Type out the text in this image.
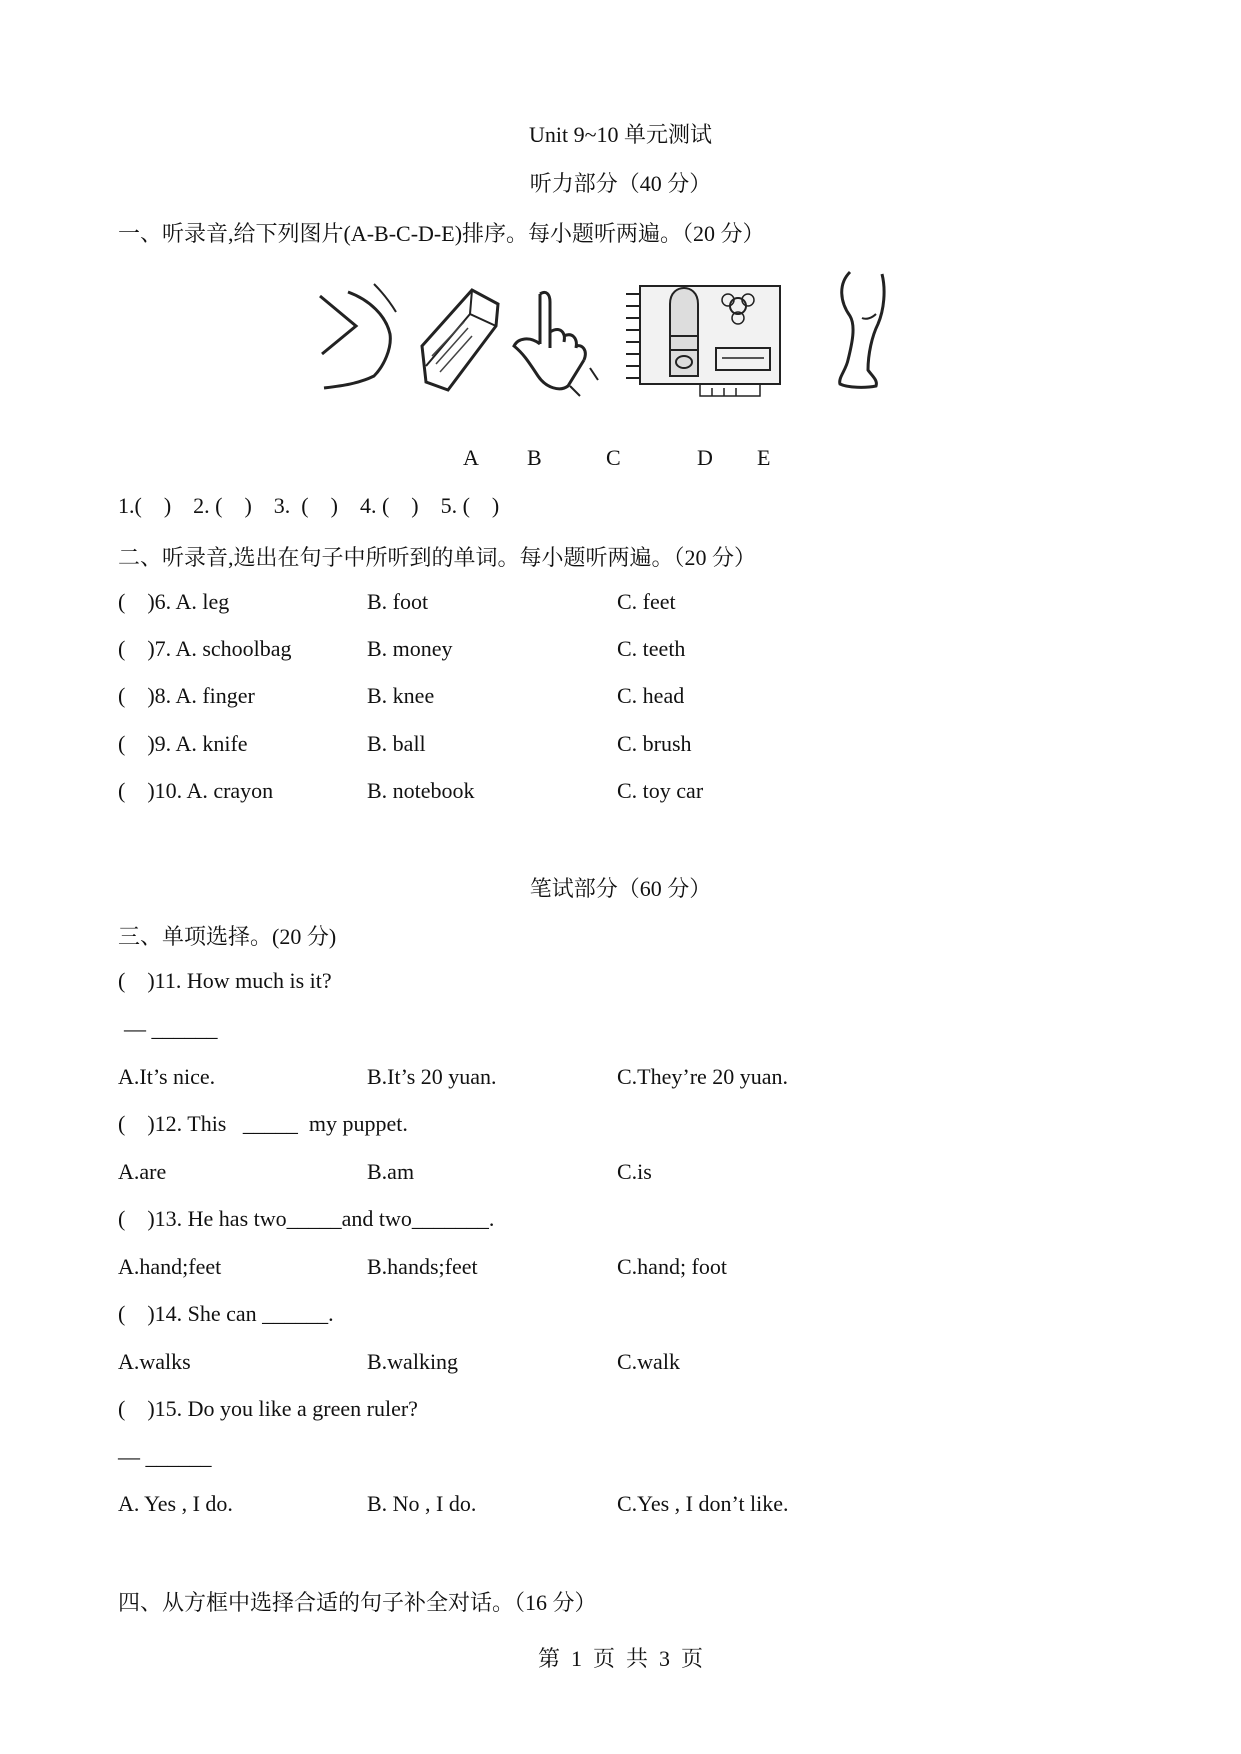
Unit 9~10 单元测试
听力部分（40 分）
一、听录音,给下列图片(A-B-C-D-E)排序。每小题听两遍。（20 分）
A B	C	D E
1.(    )    2. (    )    3.  (    )    4. (    )    5. (    )
二、听录音,选出在句子中所听到的单词。每小题听两遍。（20 分）
(    )6. A. leg	B. foot	C. feet
(    )7. A. schoolbag	B. money	C. teeth
(    )8. A. finger	B. knee	C. head
(    )9. A. knife	B. ball	C. brush
(    )10. A. crayon	B. notebook	C. toy car
笔试部分（60 分）
三、单项选择。(20 分)
(    )11. How much is it?
— ______
A.It’s nice.	B.It’s 20 yuan.	C.They’re 20 yuan.
(    )12. This   _____  my puppet.
A.are	B.am	C.is
(    )13. He has two_____and two_______.
A.hand;feet	B.hands;feet	C.hand; foot
(    )14. She can ______.
A.walks	B.walking	C.walk
(    )15. Do you like a green ruler?
— ______
A. Yes , I do.	B. No , I do.	C.Yes , I don’t like.
四、从方框中选择合适的句子补全对话。（16 分）
第  1  页  共  3  页
